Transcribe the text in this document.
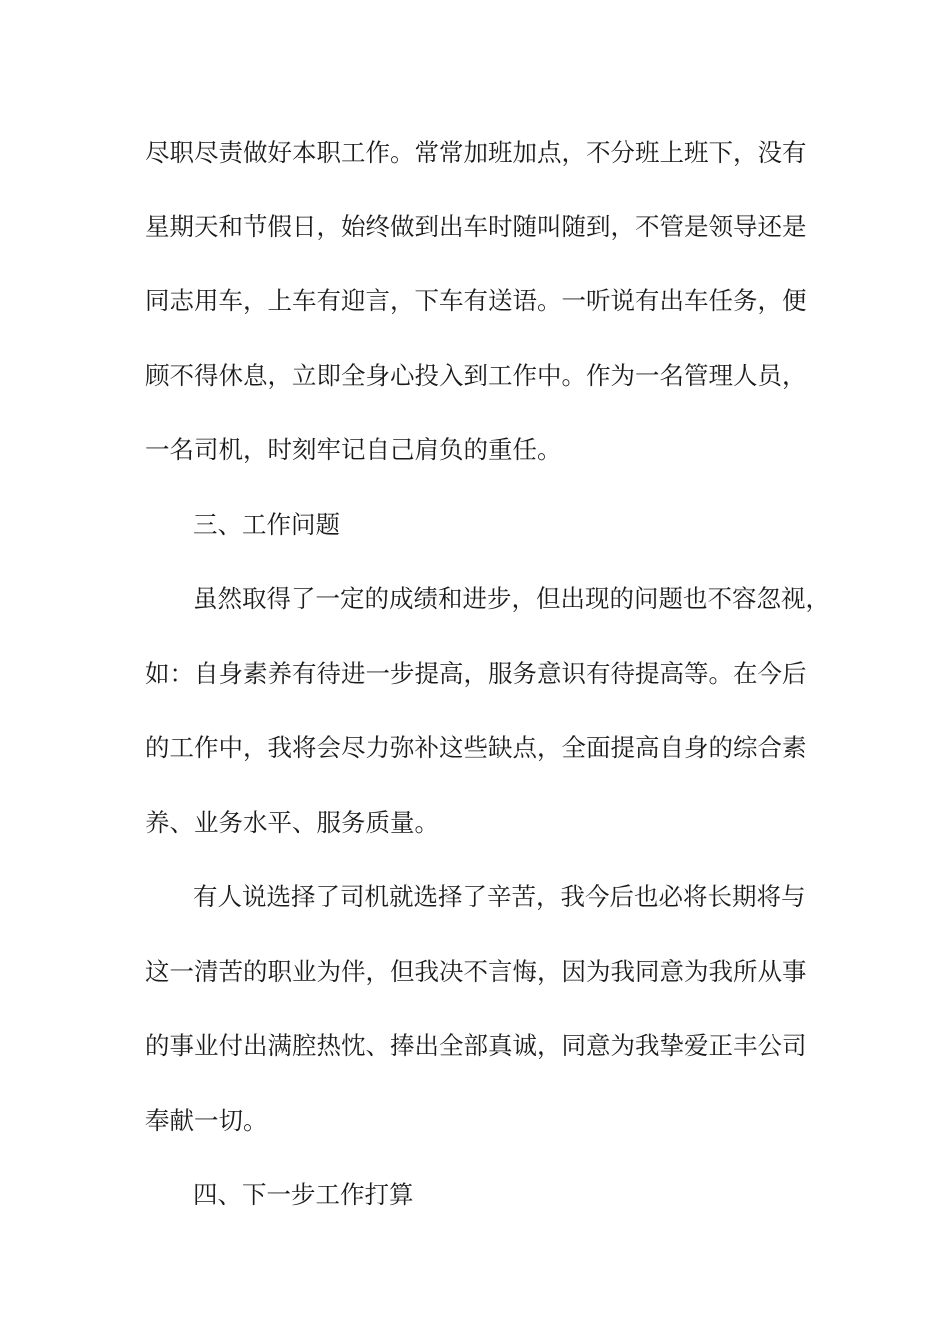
尽职尽责做好本职工作。常常加班加点，不分班上班下，没有
星期天和节假日，始终做到出车时随叫随到，不管是领导还是
同志用车，上车有迎言，下车有送语。一听说有出车任务，便
顾不得休息，立即全身心投入到工作中。作为一名管理人员，
一名司机，时刻牢记自己肩负的重任。
三、工作问题
虽然取得了一定的成绩和进步，但出现的问题也不容忽视，
如：自身素养有待进一步提高，服务意识有待提高等。在今后
的工作中，我将会尽力弥补这些缺点，全面提高自身的综合素
养、业务水平、服务质量。
有人说选择了司机就选择了辛苦，我今后也必将长期将与
这一清苦的职业为伴，但我决不言悔，因为我同意为我所从事
的事业付出满腔热忱、捧出全部真诚，同意为我挚爱正丰公司
奉献一切。
四、下一步工作打算
